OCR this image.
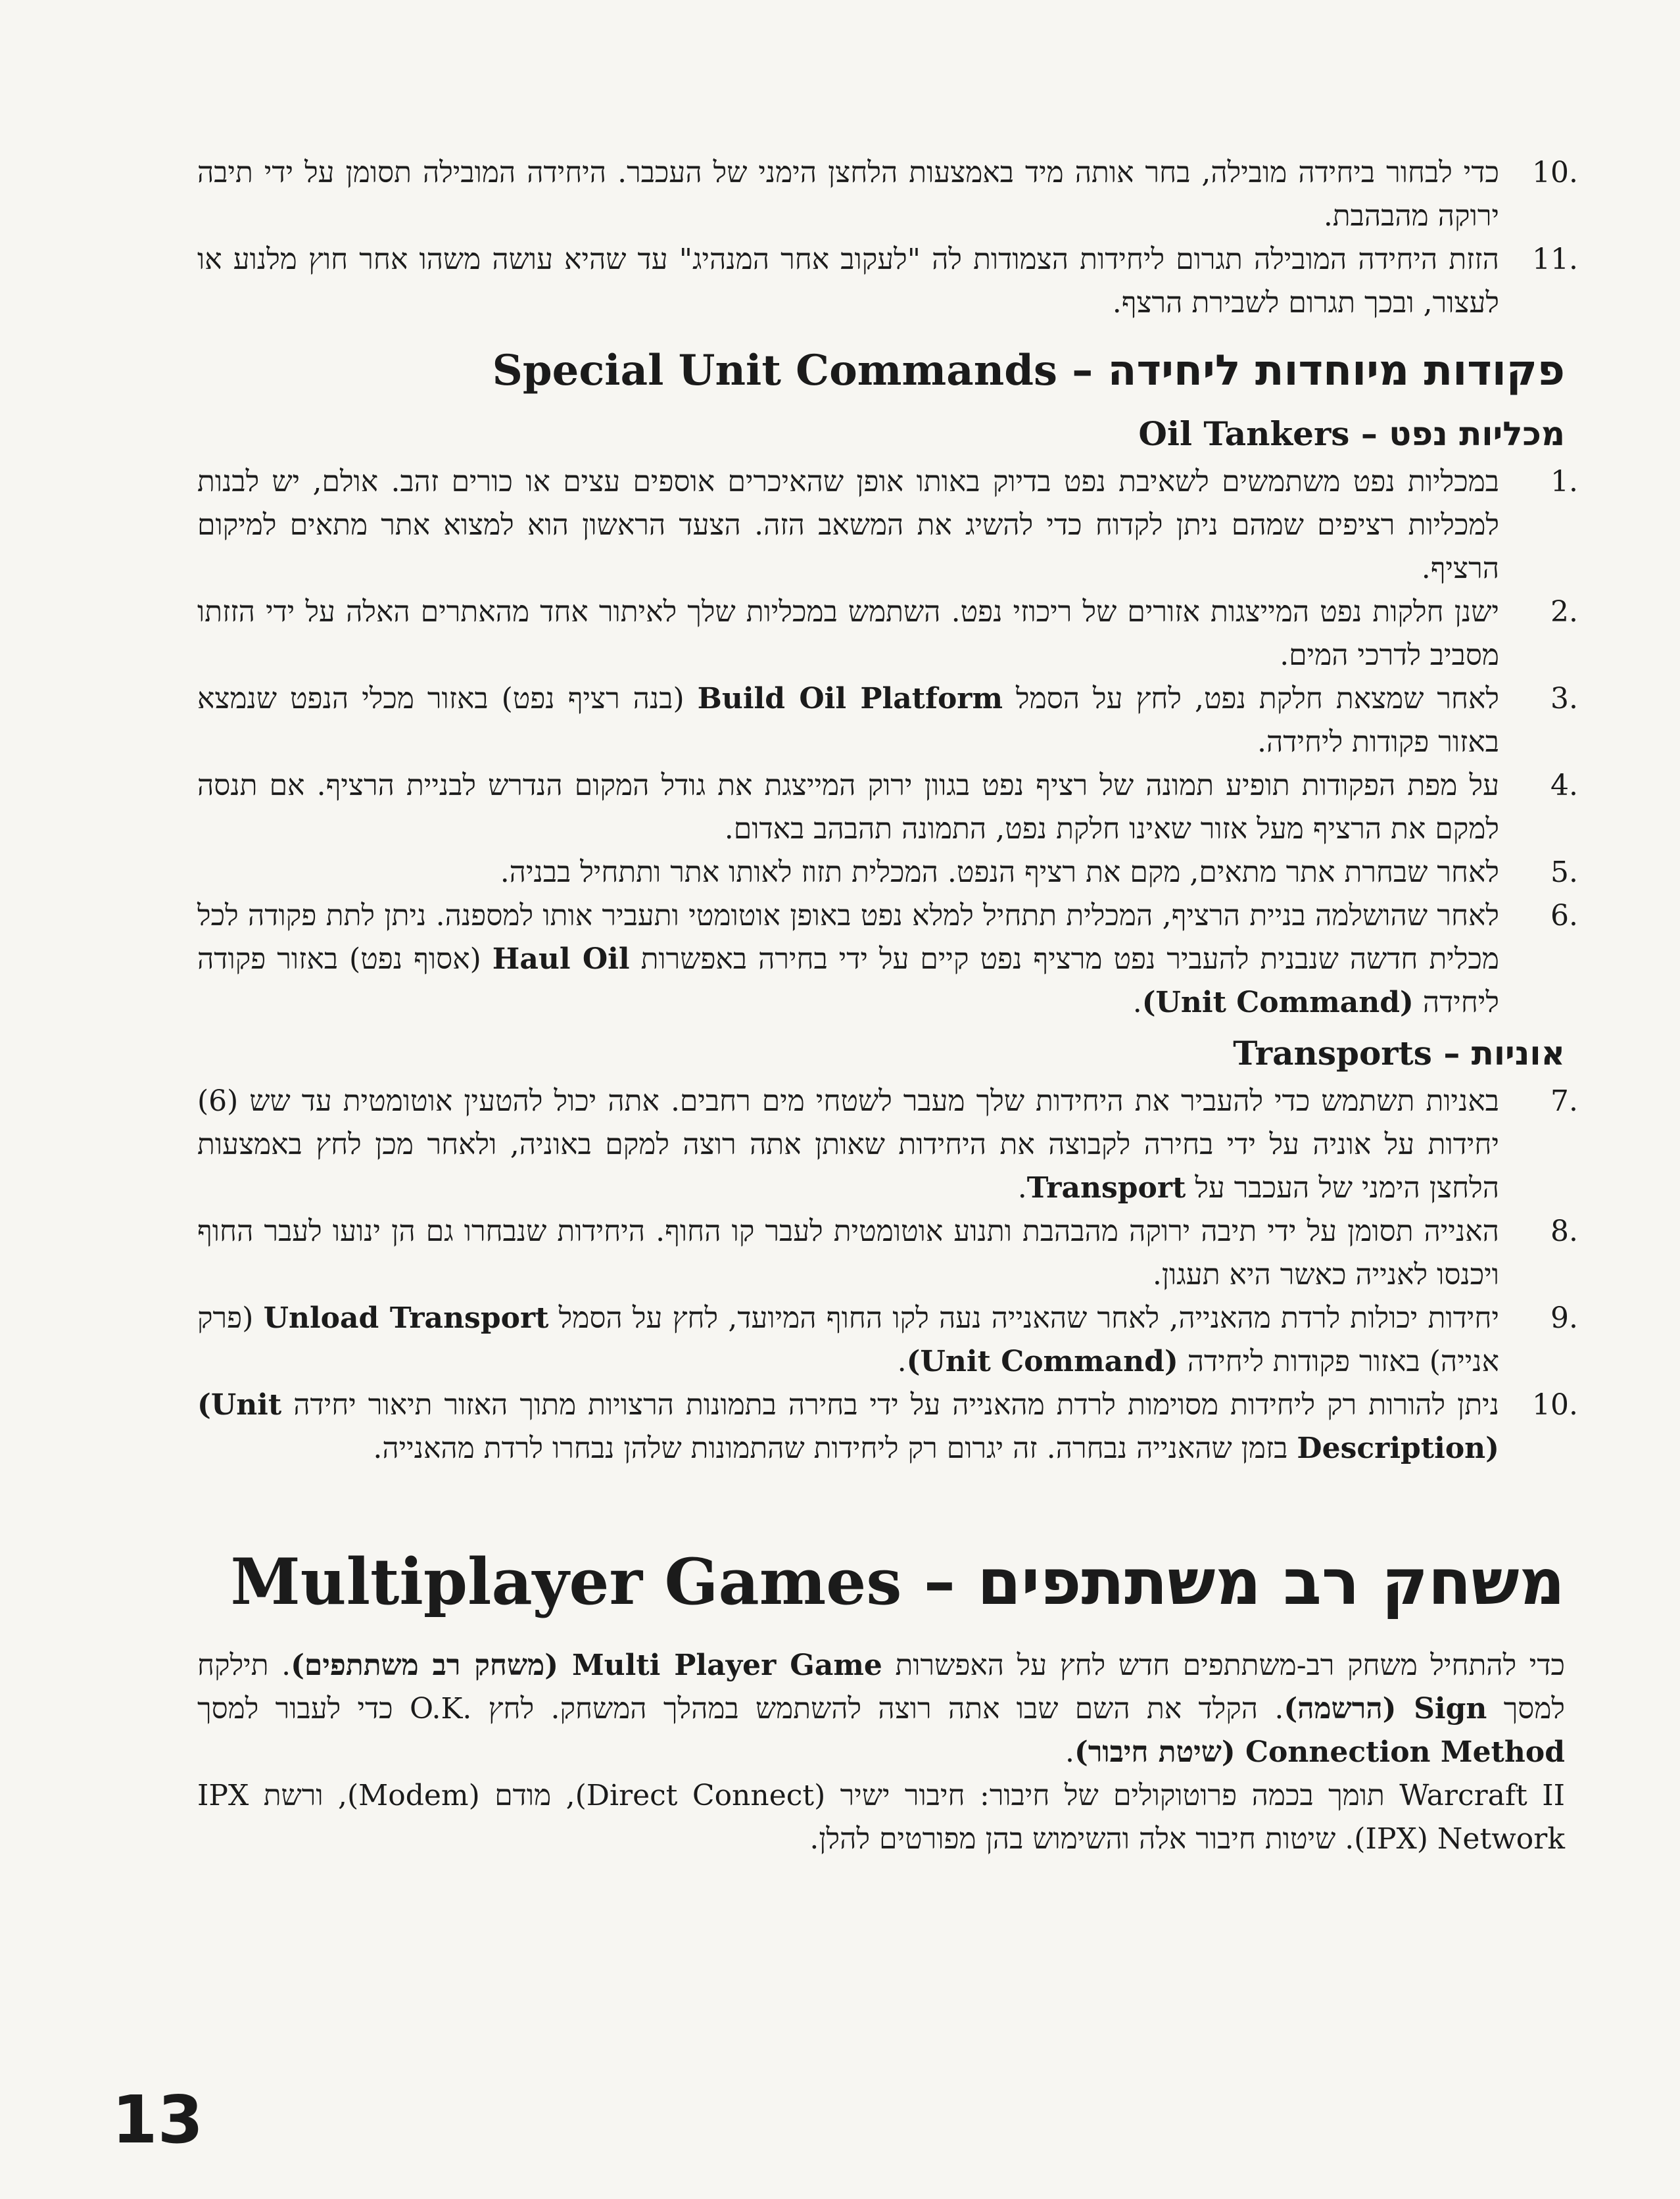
10.
כדי לבחור ביחידה מובילה, בחר אותה מיד באמצעות הלחצן הימני של העכבר. היחידה המובילה תסומן על ידי תיבה ירוקה מהבהבת.
11.
הזזת היחידה המובילה תגרום ליחידות הצמודות לה "לעקוב אחר המנהיג" עד שהיא עושה משהו אחר חוץ מלנוע או לעצור, ובכך תגרום לשבירת הרצף.
פקודות מיוחדות ליחידה – Special Unit Commands
מכליות נפט – Oil Tankers
1.
במכליות נפט משתמשים לשאיבת נפט בדיוק באותו אופן שהאיכרים אוספים עצים או כורים זהב. אולם, יש לבנות למכליות רציפים שמהם ניתן לקדוח כדי להשיג את המשאב הזה. הצעד הראשון הוא למצוא אתר מתאים למיקום הרציף.
2.
ישנן חלקות נפט המייצגות אזורים של ריכוזי נפט. השתמש במכליות שלך לאיתור אחד מהאתרים האלה על ידי הזזתו מסביב לדרכי המים.
3.
לאחר שמצאת חלקת נפט, לחץ על הסמל Build Oil Platform (בנה רציף נפט) באזור מכלי הנפט שנמצא באזור פקודות ליחידה.
4.
על מפת הפקודות תופיע תמונה של רציף נפט בגוון ירוק המייצגת את גודל המקום הנדרש לבניית הרציף. אם תנסה למקם את הרציף מעל אזור שאינו חלקת נפט, התמונה תהבהב באדום.
5.
לאחר שבחרת אתר מתאים, מקם את רציף הנפט. המכלית תזוז לאותו אתר ותתחיל בבניה.
6.
לאחר שהושלמה בניית הרציף, המכלית תתחיל למלא נפט באופן אוטומטי ותעביר אותו למספנה. ניתן לתת פקודה לכל מכלית חדשה שנבנית להעביר נפט מרציף נפט קיים על ידי בחירה באפשרות Haul Oil (אסוף נפט) באזור פקודה ליחידה (Unit Command).
אוניות – Transports
7.
באניות תשתמש כדי להעביר את היחידות שלך מעבר לשטחי מים רחבים. אתה יכול להטעין אוטומטית עד שש (6) יחידות על אוניה על ידי בחירה לקבוצה את היחידות שאותן אתה רוצה למקם באוניה, ולאחר מכן לחץ באמצעות הלחצן הימני של העכבר על Transport.
8.
האנייה תסומן על ידי תיבה ירוקה מהבהבת ותנוע אוטומטית לעבר קו החוף. היחידות שנבחרו גם הן ינועו לעבר החוף ויכנסו לאנייה כאשר היא תעגון.
9.
יחידות יכולות לרדת מהאנייה, לאחר שהאנייה נעה לקו החוף המיועד, לחץ על הסמל Unload Transport (פרק אנייה) באזור פקודות ליחידה (Unit Command).
10.
ניתן להורות רק ליחידות מסוימות לרדת מהאנייה על ידי בחירה בתמונות הרצויות מתוך האזור תיאור יחידה (Unit Description) בזמן שהאנייה נבחרה. זה יגרום רק ליחידות שהתמונות שלהן נבחרו לרדת מהאנייה.
משחק רב משתתפים – Multiplayer Games

כדי להתחיל משחק רב-משתתפים חדש לחץ על האפשרות Multi Player Game (משחק רב משתתפים). תילקח למסך Sign (הרשמה). הקלד את השם שבו אתה רוצה להשתמש במהלך המשחק. לחץ O.K. כדי לעבור למסך Connection Method (שיטת חיבור).

Warcraft II תומך בכמה פרוטוקולים של חיבור: חיבור ישיר (Direct Connect), מודם (Modem), ורשת IPX Network (IPX). שיטות חיבור אלה והשימוש בהן מפורטים להלן.

13
